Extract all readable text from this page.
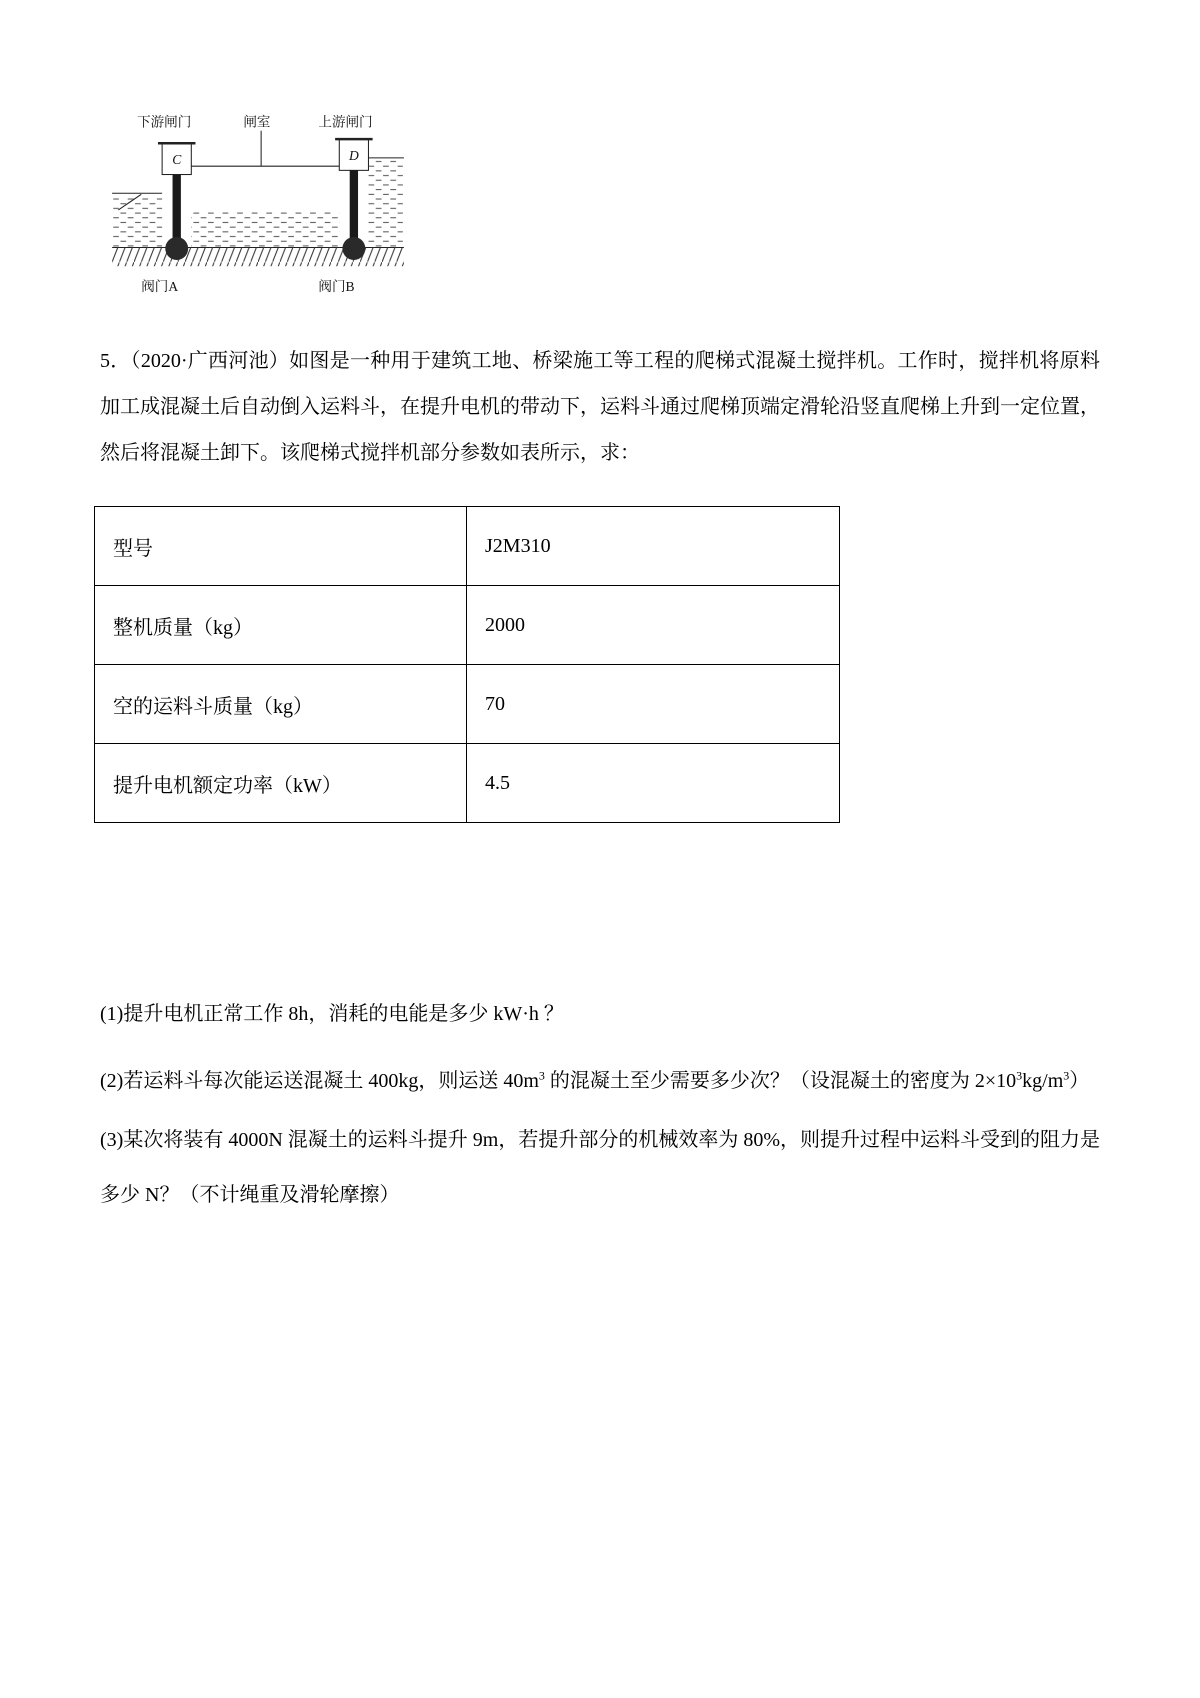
下游闸门	闸室	上游闸门
C	D
阀门A	阀门B

5．（2020·广西河池）如图是一种用于建筑工地、桥梁施工等工程的爬梯式混凝土搅拌机。工作时，搅拌机将原料加工成混凝土后自动倒入运料斗，在提升电机的带动下，运料斗通过爬梯顶端定滑轮沿竖直爬梯上升到一定位置，然后将混凝土卸下。该爬梯式搅拌机部分参数如表所示，求：

型号	J2M310
整机质量（kg）	2000
空的运料斗质量（kg）	70
提升电机额定功率（kW）	4.5

(1)提升电机正常工作 8h，消耗的电能是多少 kW·h ？

(2)若运料斗每次能运送混凝土 400kg，则运送 $40m^3$ 的混凝土至少需要多少次？（设混凝土的密度为 $2\times 10^3kg/m^3$）

(3)某次将装有 4000N 混凝土的运料斗提升 9m，若提升部分的机械效率为 80%，则提升过程中运料斗受到的阻力是多少 N？（不计绳重及滑轮摩擦）
